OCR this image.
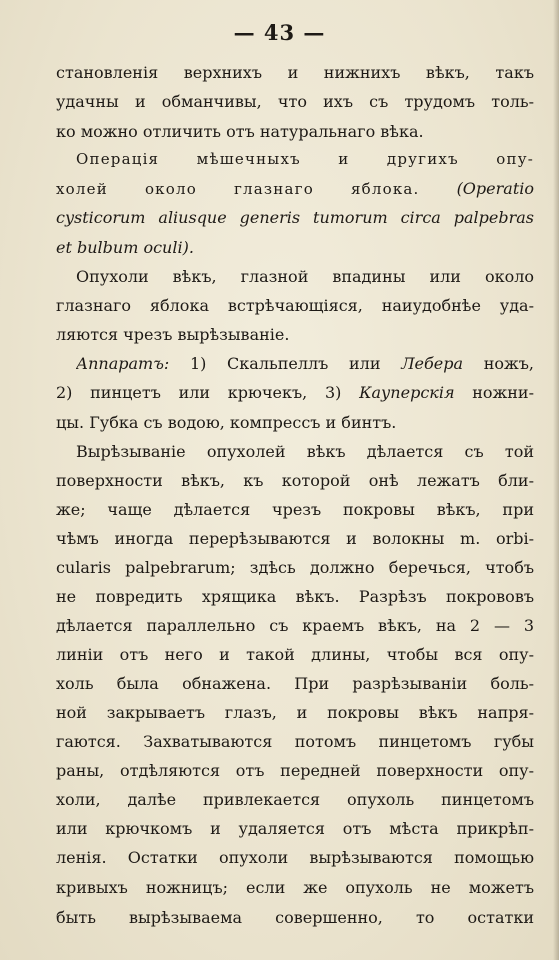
— 43 —
становленія верхнихъ и нижнихъ вѣкъ, такъ
удачны и обманчивы, что ихъ съ трудомъ толь-
ко можно отличить отъ натуральнаго вѣка.
Операція мѣшечныхъ и другихъ опу-
холей около глазнаго яблока. (Operatio
cysticorum aliusque generis tumorum circa palpebras
et bulbum oculi).
Опухоли вѣкъ, глазной впадины или около
глазнаго яблока встрѣчающіяся, наиудобнѣе уда-
ляются чрезъ вырѣзываніе.
Аппаратъ: 1) Скальпеллъ или Лебера ножъ,
2) пинцетъ или крючекъ, 3) Кауперскія ножни-
цы. Губка съ водою, компрессъ и бинтъ.
Вырѣзываніе опухолей вѣкъ дѣлается съ той
поверхности вѣкъ, къ которой онѣ лежатъ бли-
же; чаще дѣлается чрезъ покровы вѣкъ, при
чѣмъ иногда перерѣзываются и волокны m. orbi-
cularis palpebrarum; здѣсь должно беречься, чтобъ
не повредить хрящика вѣкъ. Разрѣзъ покрововъ
дѣлается параллельно съ краемъ вѣкъ, на 2 — 3
линіи отъ него и такой длины, чтобы вся опу-
холь была обнажена. При разрѣзываніи боль-
ной закрываетъ глазъ, и покровы вѣкъ напря-
гаются. Захватываются потомъ пинцетомъ губы
раны, отдѣляются отъ передней поверхности опу-
холи, далѣе привлекается опухоль пинцетомъ
или крючкомъ и удаляется отъ мѣста прикрѣп-
ленія. Остатки опухоли вырѣзываются помощью
кривыхъ ножницъ; если же опухоль не можетъ
быть вырѣзываема совершенно, то остатки
